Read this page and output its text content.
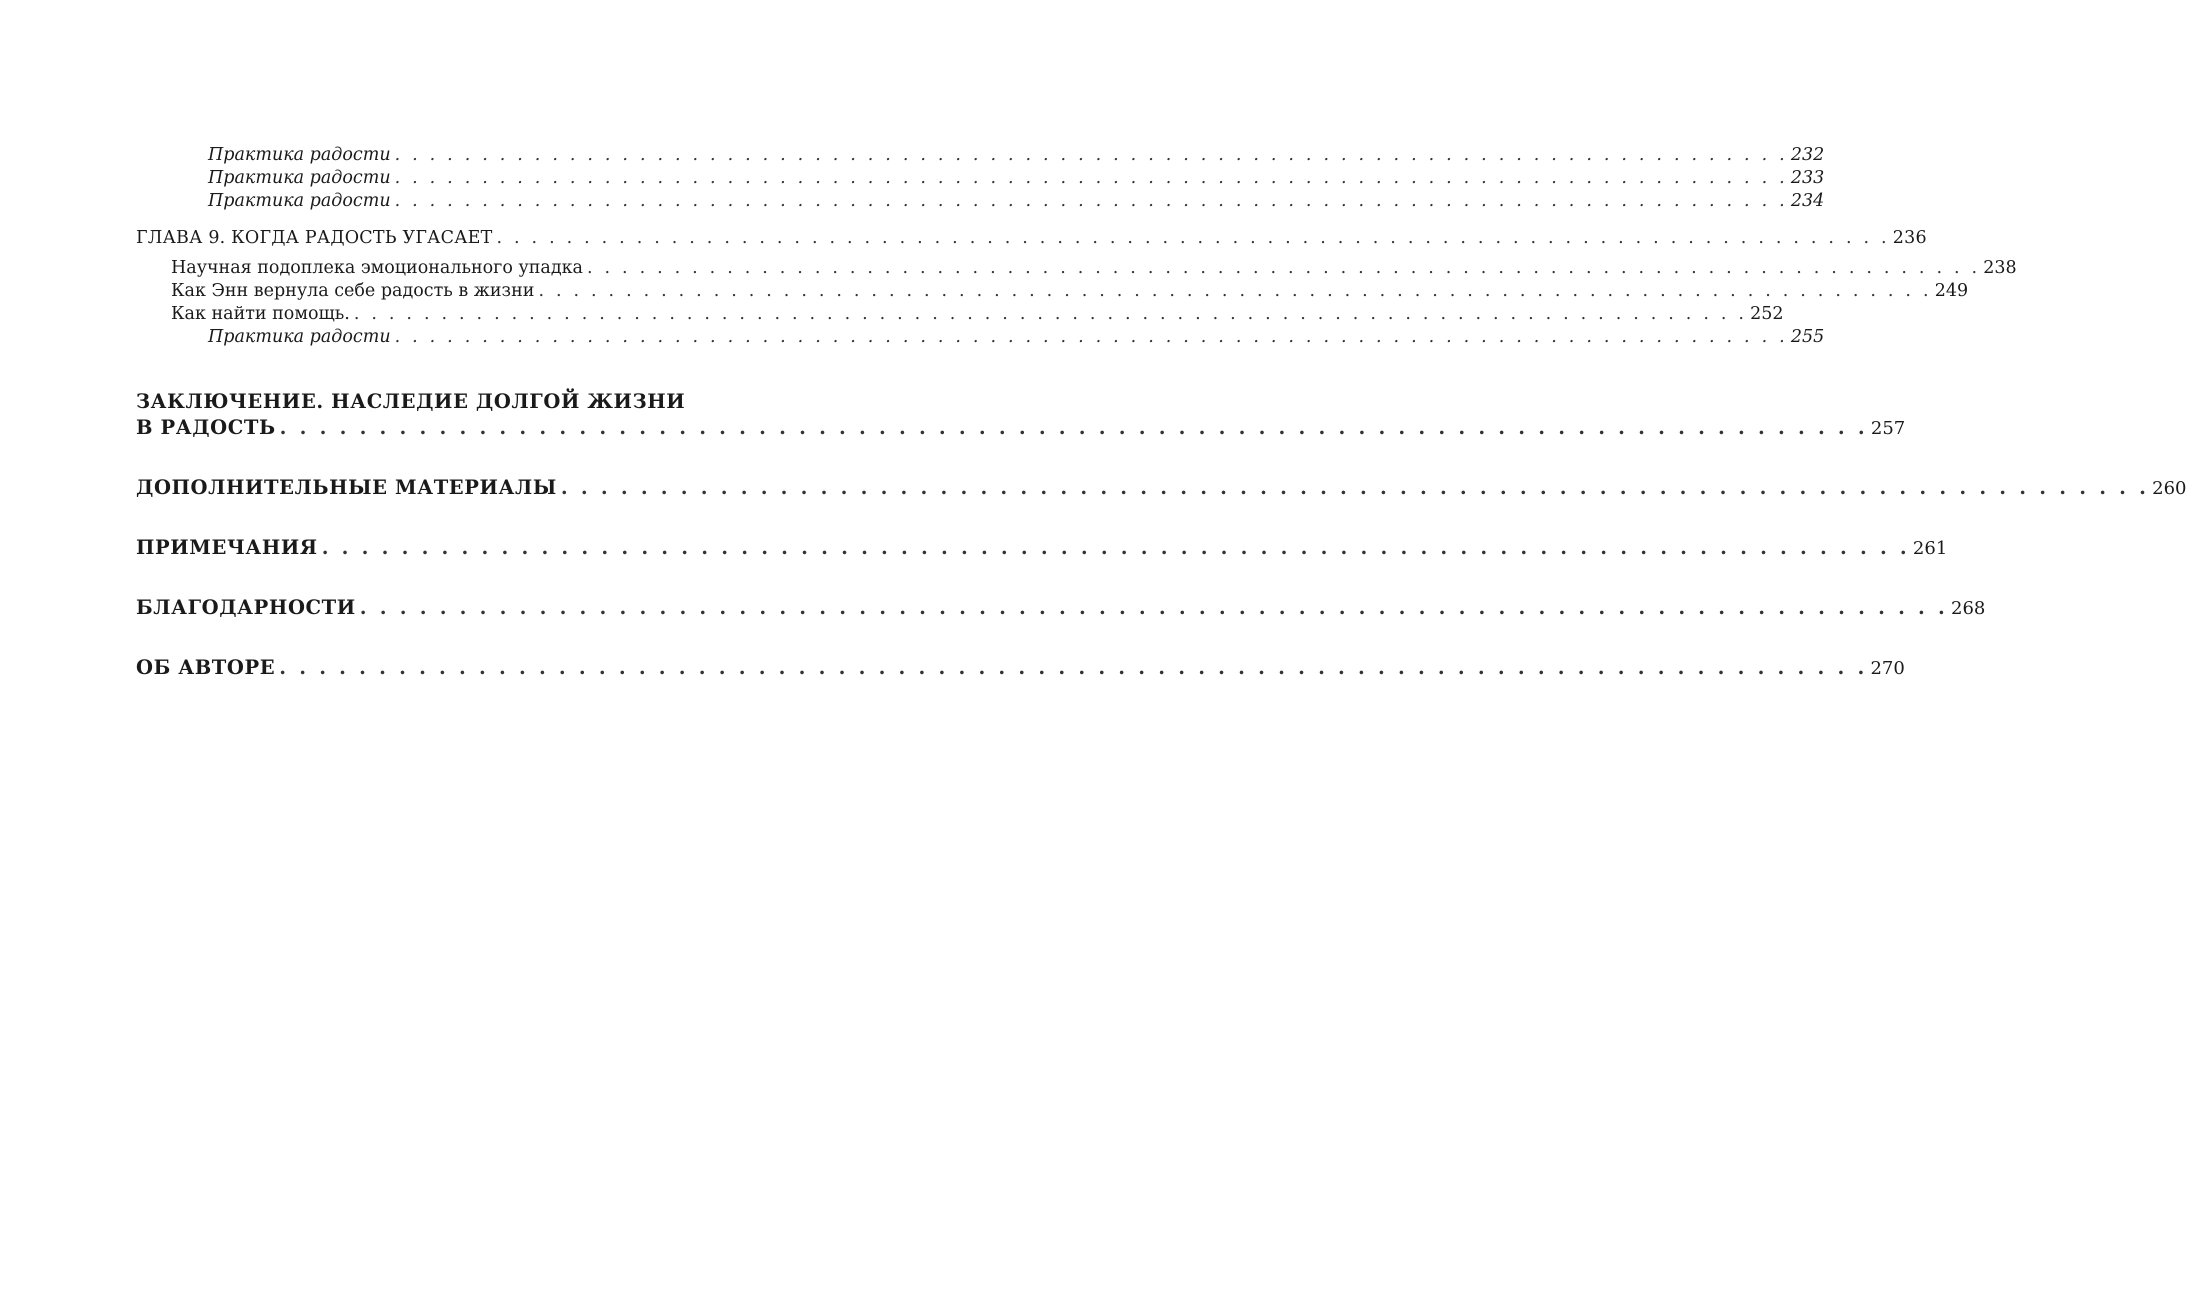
Практика радости . . . . . . . . . . . . . . . . . . . . . . . . . . . . . . . . . . . . . . . . . . . . . . . . . . . . . . . . . . . . . . . . . . . . . . . . . . . . . . . . 232
Практика радости . . . . . . . . . . . . . . . . . . . . . . . . . . . . . . . . . . . . . . . . . . . . . . . . . . . . . . . . . . . . . . . . . . . . . . . . . . . . . . . . 233
Практика радости . . . . . . . . . . . . . . . . . . . . . . . . . . . . . . . . . . . . . . . . . . . . . . . . . . . . . . . . . . . . . . . . . . . . . . . . . . . . . . . . 234
ГЛАВА 9. КОГДА РАДОСТЬ УГАСАЕТ . . . . . . . . . . . . . . . . . . . . . . . . . . . . . . . . . . . . . . . . . . . . . . . . . . . . . . . . . . . . . . . . . . . . . . . . . . . . . . . . 236
Научная подоплека эмоционального упадка . . . . . . . . . . . . . . . . . . . . . . . . . . . . . . . . . . . . . . . . . . . . . . . . . . . . . . . . . . . . . . . . . . . . . . . . . . . . . . . . 238
Как Энн вернула себе радость в жизни . . . . . . . . . . . . . . . . . . . . . . . . . . . . . . . . . . . . . . . . . . . . . . . . . . . . . . . . . . . . . . . . . . . . . . . . . . . . . . . . 249
Как найти помощь. . . . . . . . . . . . . . . . . . . . . . . . . . . . . . . . . . . . . . . . . . . . . . . . . . . . . . . . . . . . . . . . . . . . . . . . . . . . . . . . . 252
Практика радости . . . . . . . . . . . . . . . . . . . . . . . . . . . . . . . . . . . . . . . . . . . . . . . . . . . . . . . . . . . . . . . . . . . . . . . . . . . . . . . . 255
ЗАКЛЮЧЕНИЕ. НАСЛЕДИЕ ДОЛГОЙ ЖИЗНИ
В РАДОСТЬ . . . . . . . . . . . . . . . . . . . . . . . . . . . . . . . . . . . . . . . . . . . . . . . . . . . . . . . . . . . . . . . . . . . . . . . . . . . . . . . . 257
ДОПОЛНИТЕЛЬНЫЕ МАТЕРИАЛЫ . . . . . . . . . . . . . . . . . . . . . . . . . . . . . . . . . . . . . . . . . . . . . . . . . . . . . . . . . . . . . . . . . . . . . . . . . . . . . . . . 260
ПРИМЕЧАНИЯ . . . . . . . . . . . . . . . . . . . . . . . . . . . . . . . . . . . . . . . . . . . . . . . . . . . . . . . . . . . . . . . . . . . . . . . . . . . . . . . . 261
БЛАГОДАРНОСТИ . . . . . . . . . . . . . . . . . . . . . . . . . . . . . . . . . . . . . . . . . . . . . . . . . . . . . . . . . . . . . . . . . . . . . . . . . . . . . . . . 268
ОБ АВТОРЕ . . . . . . . . . . . . . . . . . . . . . . . . . . . . . . . . . . . . . . . . . . . . . . . . . . . . . . . . . . . . . . . . . . . . . . . . . . . . . . . . 270
